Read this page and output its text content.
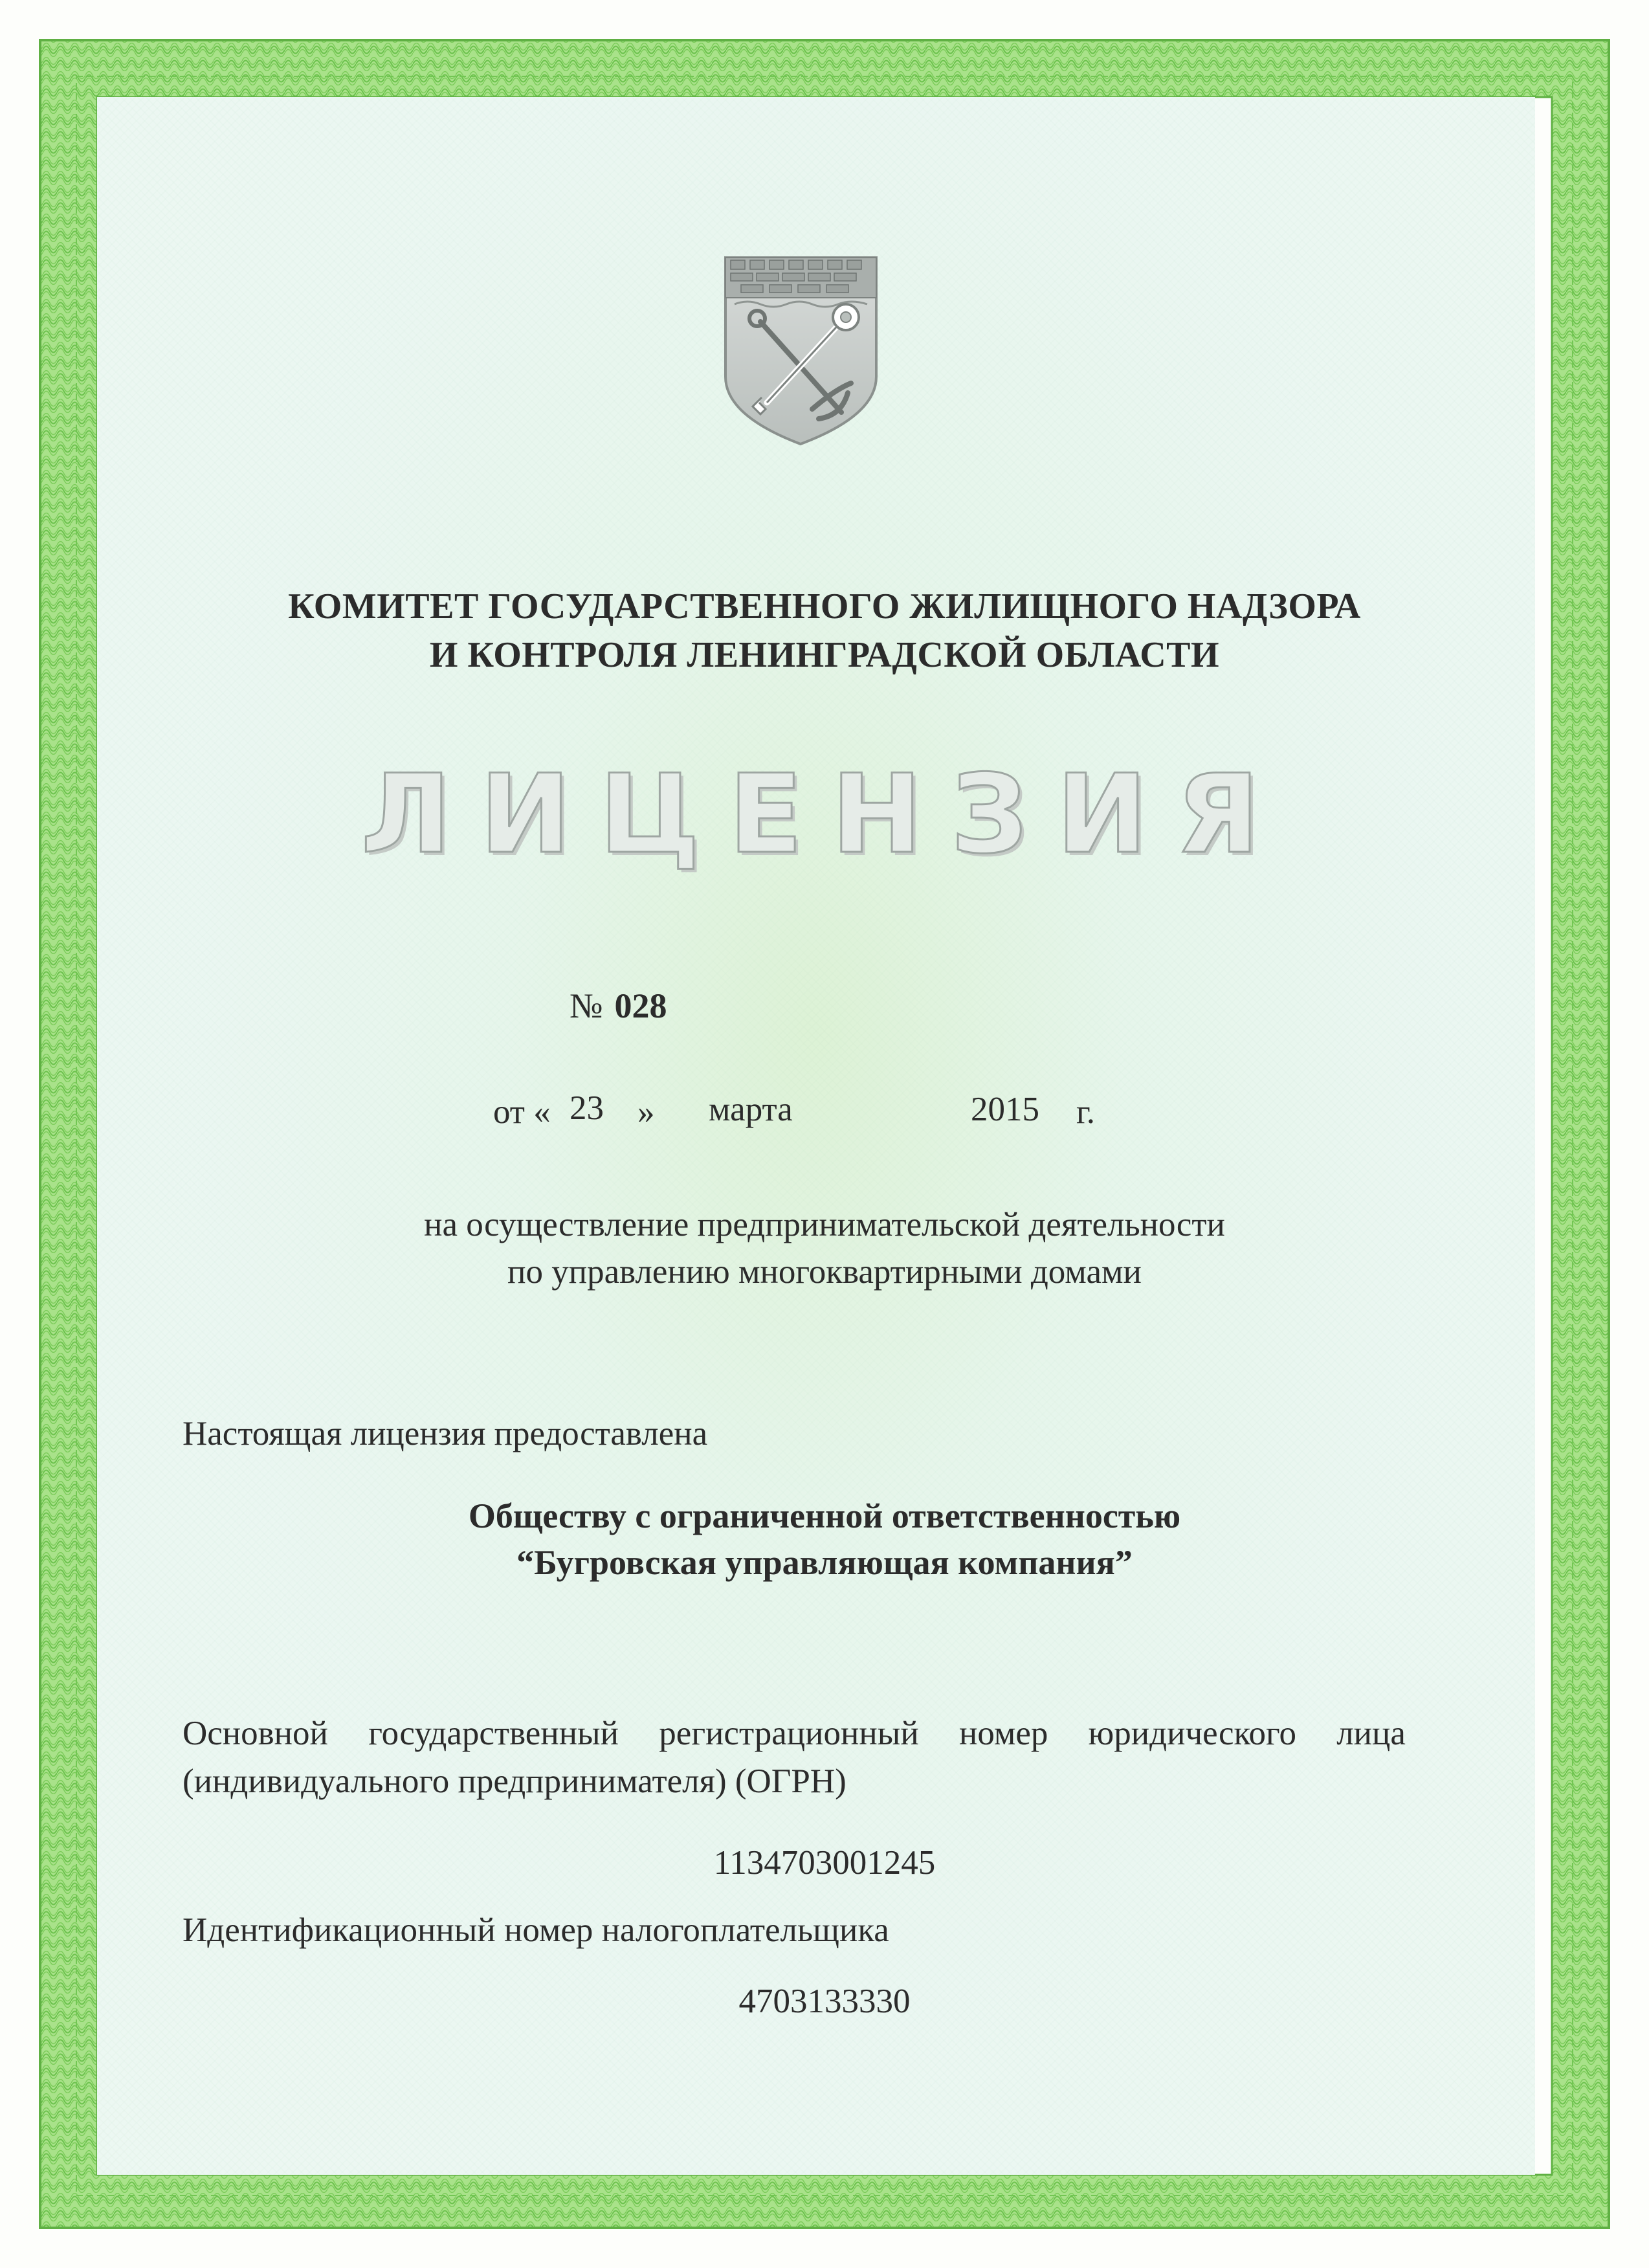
КОМИТЕТ ГОСУДАРСТВЕННОГО ЖИЛИЩНОГО НАДЗОРА
И КОНТРОЛЯ ЛЕНИНГРАДСКОЙ ОБЛАСТИ
ЛИЦЕНЗИЯ
№ 028
от « 23 » марта	2015 г.
на осуществление предпринимательской деятельности
по управлению многоквартирными домами
Настоящая лицензия предоставлена
Обществу с ограниченной ответственностью
“Бугровская управляющая компания”
Основной государственный регистрационный номер юридического лица
(индивидуального предпринимателя) (ОГРН)
1134703001245
Идентификационный номер налогоплательщика
4703133330
